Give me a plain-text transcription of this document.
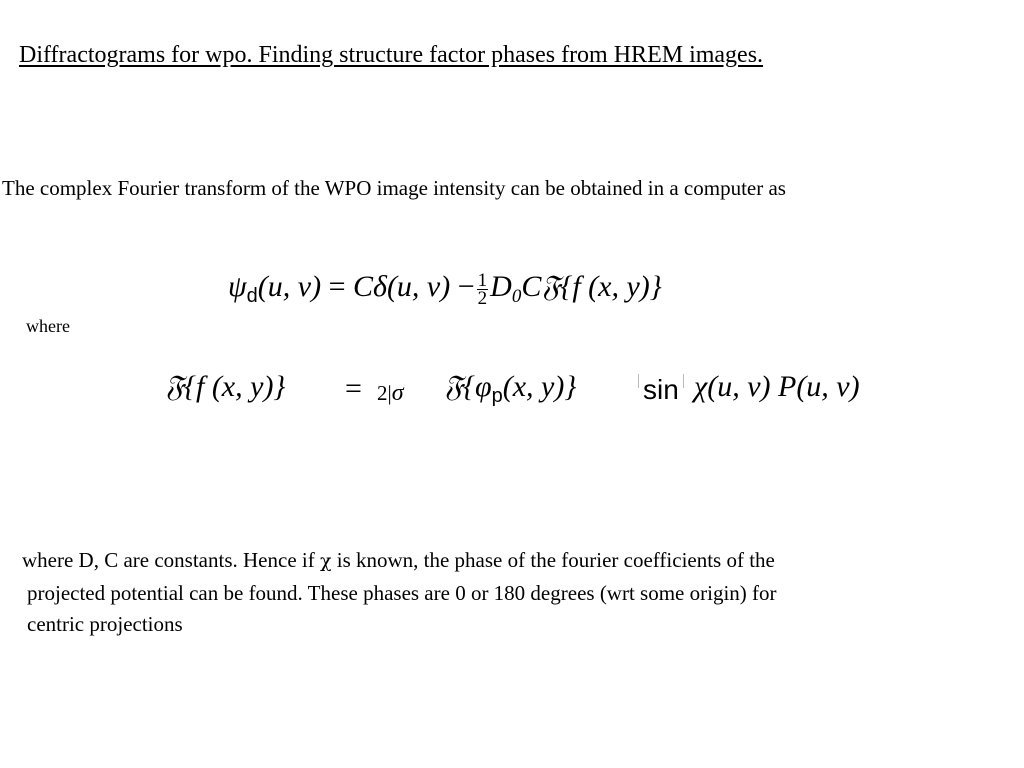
Diffractograms for wpo. Finding structure factor phases from HREM images.
The complex Fourier transform of the WPO image intensity can be obtained in a computer as
$\psi_d(u$, v) = Cδ(u, $v) - \frac{1}{2}$ $D_0C𝔉\{f$ (x, y)}
where
𝔉{f (x, y)} = 2|σ $𝔉\{\varphi_p(x$, y)}	sin χ(u, v) P(u, v)
where D, C are constants. Hence if χ is known, the phase of the fourier coefficients of the
projected potential can be found. These phases are 0 or 180 degrees (wrt some origin) for
centric projections
